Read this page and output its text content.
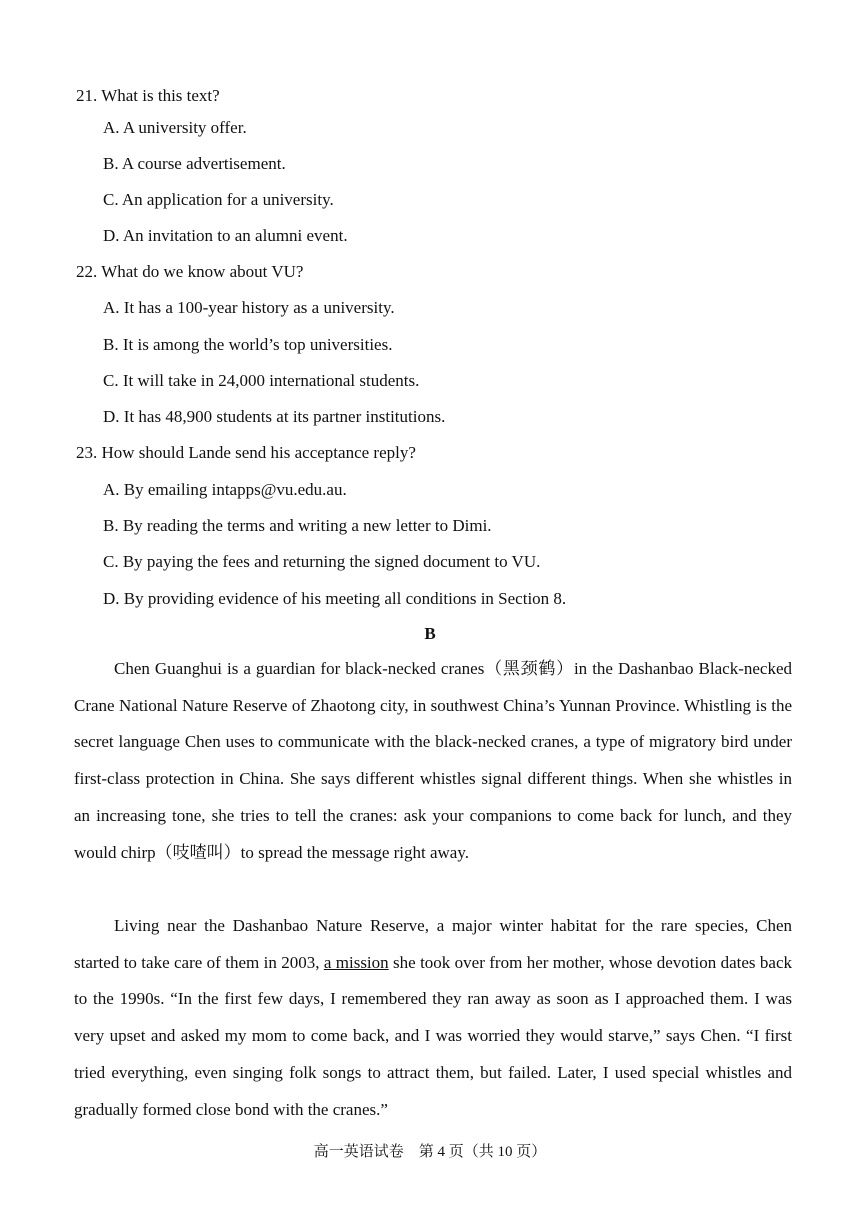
21. What is this text?
A. A university offer.
B. A course advertisement.
C. An application for a university.
D. An invitation to an alumni event.
22. What do we know about VU?
A. It has a 100-year history as a university.
B. It is among the world’s top universities.
C. It will take in 24,000 international students.
D. It has 48,900 students at its partner institutions.
23. How should Lande send his acceptance reply?
A. By emailing intapps@vu.edu.au.
B. By reading the terms and writing a new letter to Dimi.
C. By paying the fees and returning the signed document to VU.
D. By providing evidence of his meeting all conditions in Section 8.
B
Chen Guanghui is a guardian for black-necked cranes（黑颈鹤）in the Dashanbao Black-necked Crane National Nature Reserve of Zhaotong city, in southwest China’s Yunnan Province. Whistling is the secret language Chen uses to communicate with the black-necked cranes, a type of migratory bird under first-class protection in China. She says different whistles signal different things. When she whistles in an increasing tone, she tries to tell the cranes: ask your companions to come back for lunch, and they would chirp（吱喳叫）to spread the message right away.
Living near the Dashanbao Nature Reserve, a major winter habitat for the rare species, Chen started to take care of them in 2003, a mission she took over from her mother, whose devotion dates back to the 1990s. “In the first few days, I remembered they ran away as soon as I approached them. I was very upset and asked my mom to come back, and I was worried they would starve,” says Chen. “I first tried everything, even singing folk songs to attract them, but failed. Later, I used special whistles and gradually formed close bond with the cranes.”
高一英语试卷　第 4 页（共 10 页）
